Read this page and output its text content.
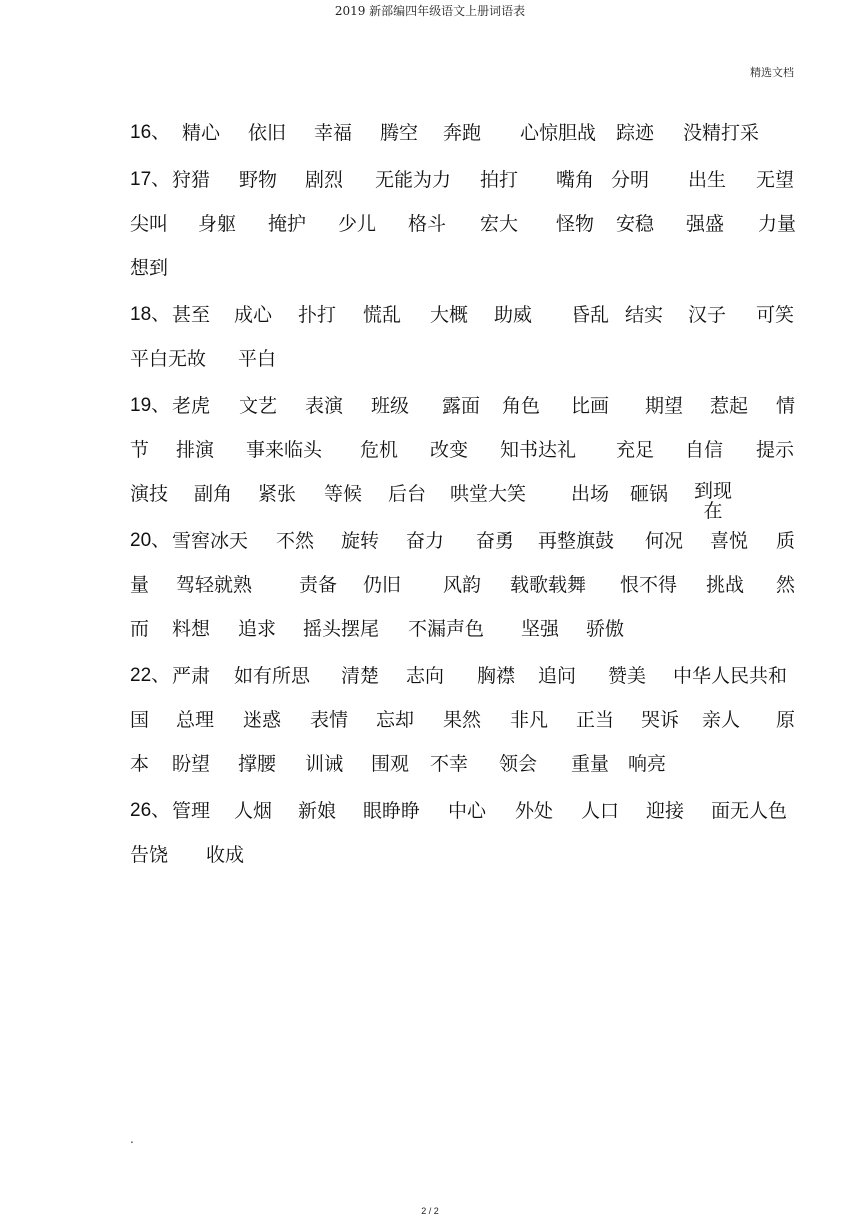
2019 新部编四年级语文上册词语表
精选文档
16、 精心 依旧 幸福 腾空 奔跑 心惊胆战 踪迹 没精打采
17、 狩猎 野物 剧烈 无能为力 拍打 嘴角 分明 出生 无望
尖叫 身躯 掩护 少儿 格斗 宏大 怪物 安稳 强盛 力量
想到
18、 甚至 成心 扑打 慌乱 大概 助威 昏乱 结实 汉子 可笑
平白无故 平白
19、 老虎 文艺 表演 班级 露面 角色 比画 期望 惹起 情
节 排演 事来临头 危机 改变 知书达礼 充足 自信 提示
演技 副角 紧张 等候 后台 哄堂大笑 出场 砸锅 到现
在
20、 雪窖冰天 不然 旋转 奋力 奋勇 再整旗鼓 何况 喜悦 质
量 驾轻就熟 责备 仍旧 风韵 载歌载舞 恨不得 挑战 然
而 料想 追求 摇头摆尾 不漏声色 坚强 骄傲
22、 严肃 如有所思 清楚 志向 胸襟 追问 赞美 中华人民共和
国 总理 迷惑 表情 忘却 果然 非凡 正当 哭诉 亲人 原
本 盼望 撑腰 训诫 围观 不幸 领会 重量 响亮
26、 管理 人烟 新娘 眼睁睁 中心 外处 人口 迎接 面无人色
告饶 收成
.
2 / 2
